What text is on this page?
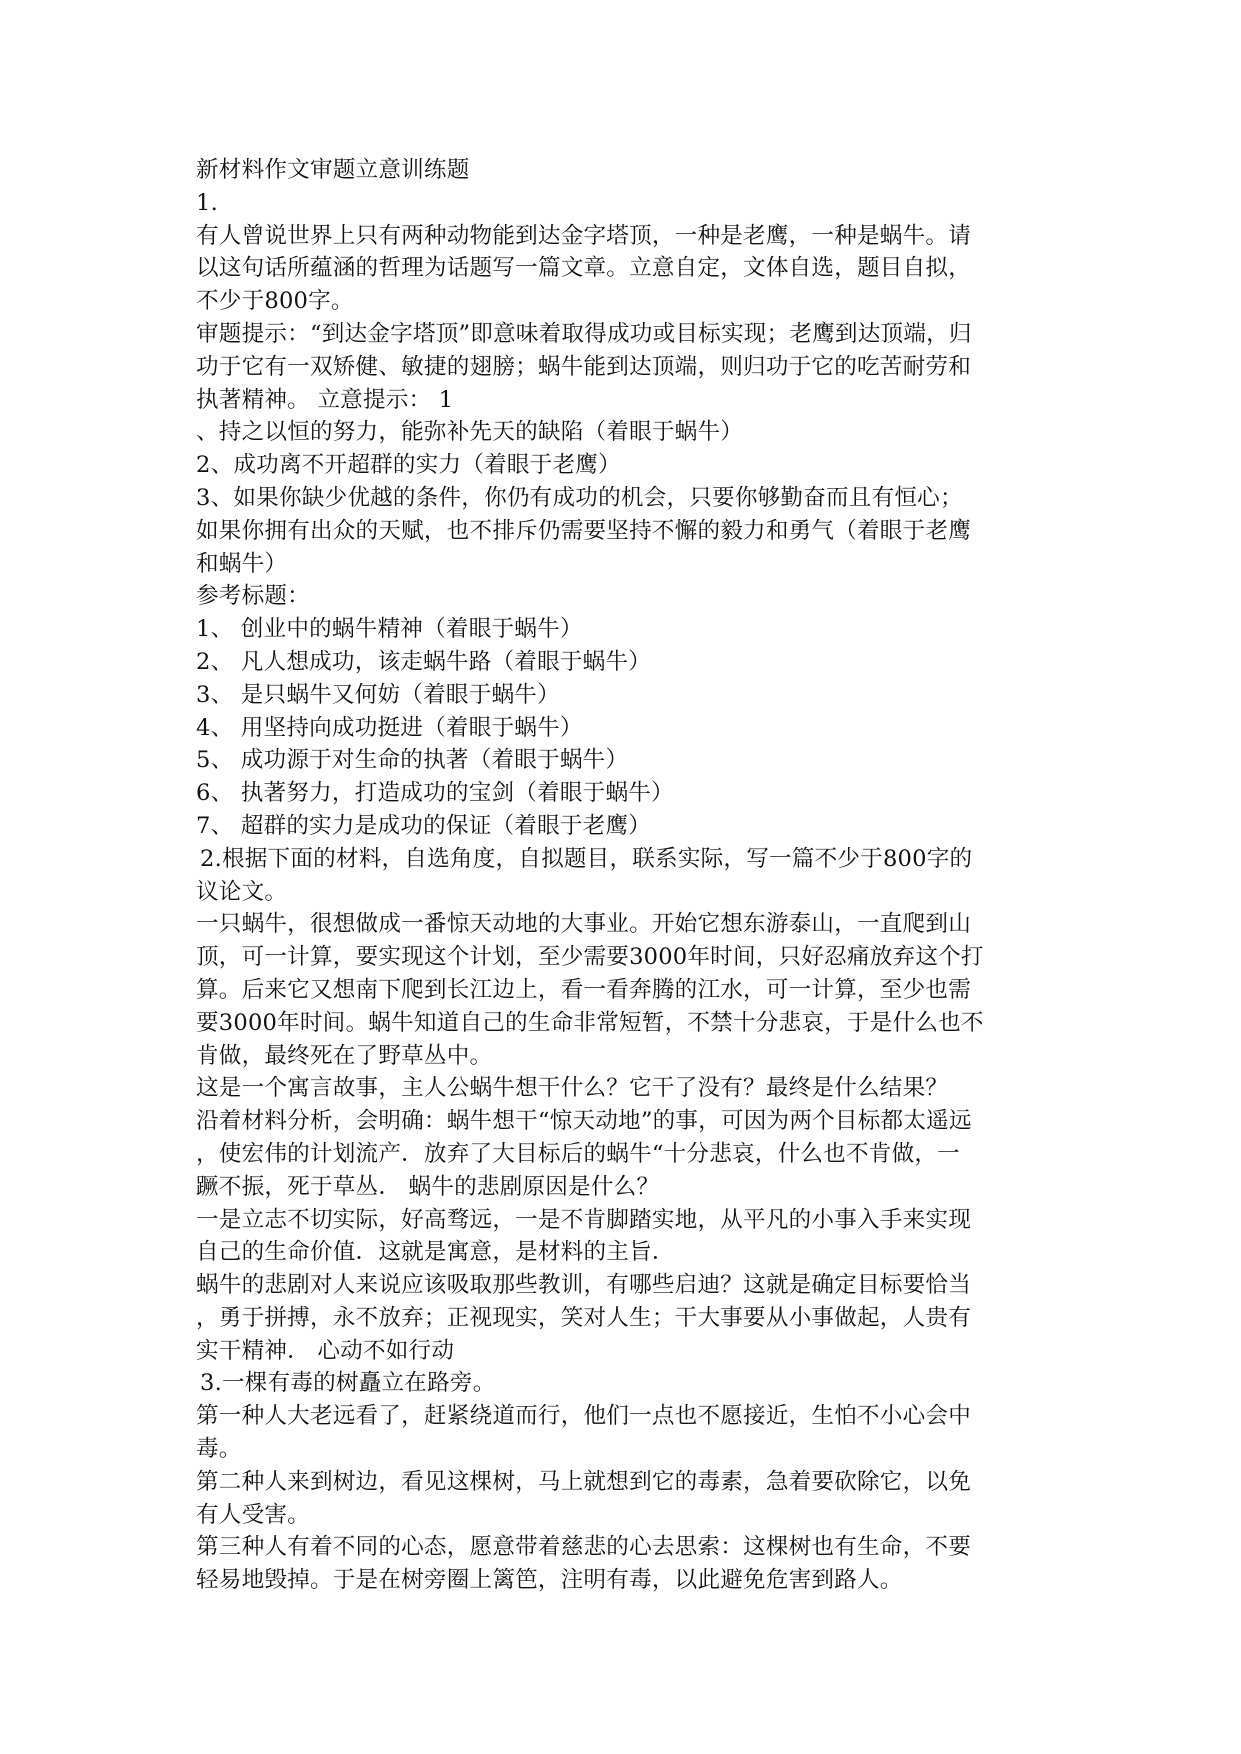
新材料作文审题立意训练题
1.
有人曾说世界上只有两种动物能到达金字塔顶，一种是老鹰，一种是蜗牛。请
以这句话所蕴涵的哲理为话题写一篇文章。立意自定，文体自选，题目自拟，
不少于800字。
审题提示：“到达金字塔顶”即意味着取得成功或目标实现；老鹰到达顶端，归
功于它有一双矫健、敏捷的翅膀；蜗牛能到达顶端，则归功于它的吃苦耐劳和
执著精神。 立意提示： 1
、持之以恒的努力，能弥补先天的缺陷（着眼于蜗牛）
2、成功离不开超群的实力（着眼于老鹰）
3、如果你缺少优越的条件，你仍有成功的机会，只要你够勤奋而且有恒心；
如果你拥有出众的天赋，也不排斥仍需要坚持不懈的毅力和勇气（着眼于老鹰
和蜗牛）
参考标题：
1、 创业中的蜗牛精神（着眼于蜗牛）
2、 凡人想成功，该走蜗牛路（着眼于蜗牛）
3、 是只蜗牛又何妨（着眼于蜗牛）
4、 用坚持向成功挺进（着眼于蜗牛）
5、 成功源于对生命的执著（着眼于蜗牛）
6、 执著努力，打造成功的宝剑（着眼于蜗牛）
7、 超群的实力是成功的保证（着眼于老鹰）
2.根据下面的材料，自选角度，自拟题目，联系实际，写一篇不少于800字的
议论文。
一只蜗牛，很想做成一番惊天动地的大事业。开始它想东游泰山，一直爬到山
顶，可一计算，要实现这个计划，至少需要3000年时间，只好忍痛放弃这个打
算。后来它又想南下爬到长江边上，看一看奔腾的江水，可一计算，至少也需
要3000年时间。蜗牛知道自己的生命非常短暂，不禁十分悲哀，于是什么也不
肯做，最终死在了野草丛中。
这是一个寓言故事，主人公蜗牛想干什么？它干了没有？最终是什么结果？
沿着材料分析，会明确：蜗牛想干“惊天动地”的事，可因为两个目标都太遥远
，使宏伟的计划流产．放弃了大目标后的蜗牛“十分悲哀，什么也不肯做，一
蹶不振，死于草丛． 蜗牛的悲剧原因是什么？
一是立志不切实际，好高骛远，一是不肯脚踏实地，从平凡的小事入手来实现
自己的生命价值．这就是寓意，是材料的主旨．
蜗牛的悲剧对人来说应该吸取那些教训，有哪些启迪？这就是确定目标要恰当
，勇于拼搏，永不放弃；正视现实，笑对人生；干大事要从小事做起，人贵有
实干精神． 心动不如行动
3.一棵有毒的树矗立在路旁。
第一种人大老远看了，赶紧绕道而行，他们一点也不愿接近，生怕不小心会中
毒。
第二种人来到树边，看见这棵树，马上就想到它的毒素，急着要砍除它，以免
有人受害。
第三种人有着不同的心态，愿意带着慈悲的心去思索：这棵树也有生命，不要
轻易地毁掉。于是在树旁圈上篱笆，注明有毒，以此避免危害到路人。
